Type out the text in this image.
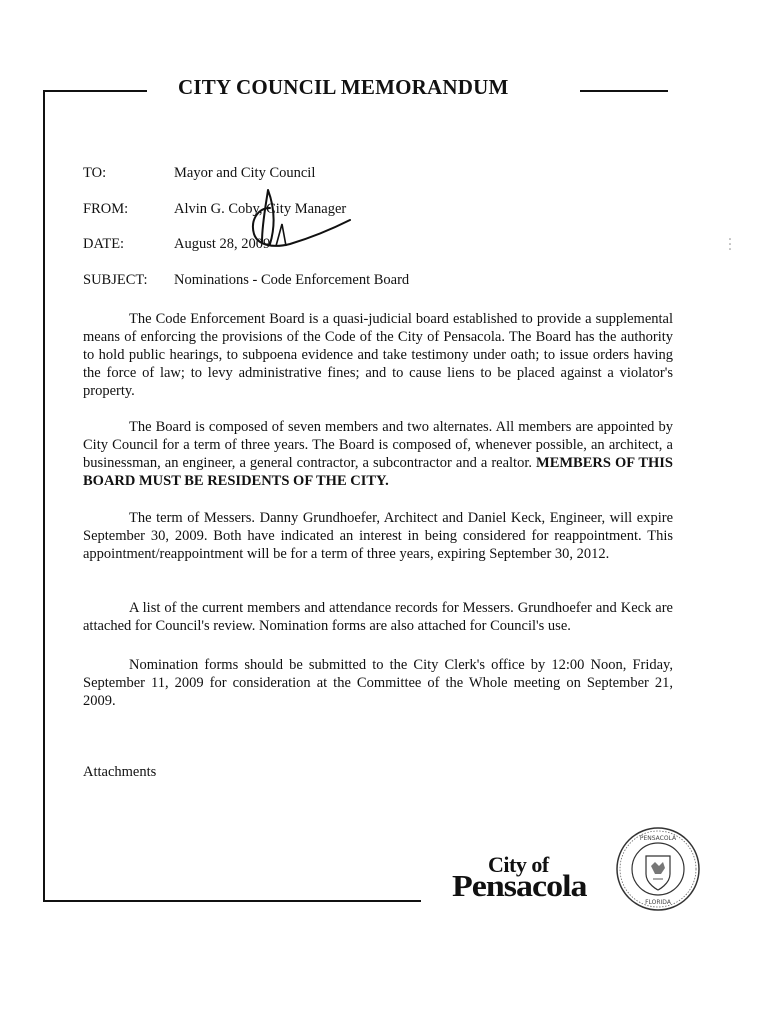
CITY COUNCIL MEMORANDUM
TO:	Mayor and City Council
FROM:	Alvin G. Coby, City Manager
DATE:	August 28, 2009
SUBJECT: Nominations - Code Enforcement Board
The Code Enforcement Board is a quasi-judicial board established to provide a supplemental means of enforcing the provisions of the Code of the City of Pensacola. The Board has the authority to hold public hearings, to subpoena evidence and take testimony under oath; to issue orders having the force of law; to levy administrative fines; and to cause liens to be placed against a violator's property.
The Board is composed of seven members and two alternates. All members are appointed by City Council for a term of three years. The Board is composed of, whenever possible, an architect, a businessman, an engineer, a general contractor, a subcontractor and a realtor. MEMBERS OF THIS BOARD MUST BE RESIDENTS OF THE CITY.
The term of Messers. Danny Grundhoefer, Architect and Daniel Keck, Engineer, will expire September 30, 2009. Both have indicated an interest in being considered for reappointment. This appointment/reappointment will be for a term of three years, expiring September 30, 2012.
A list of the current members and attendance records for Messers. Grundhoefer and Keck are attached for Council's review. Nomination forms are also attached for Council's use.
Nomination forms should be submitted to the City Clerk's office by 12:00 Noon, Friday, September 11, 2009 for consideration at the Committee of the Whole meeting on September 21, 2009.
Attachments
City of
Pensacola
PENSACOLA
FLORIDA
